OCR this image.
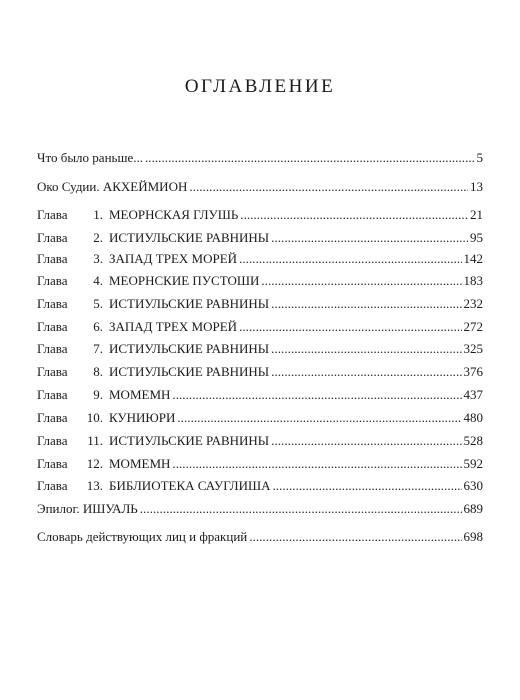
ОГЛАВЛЕНИЕ
Что было раньше... . . .	5
Око Судии. АКХЕЙМИОН . . .	13
Глава 1. МЕОРНСКАЯ ГЛУШЬ . . .	21
Глава 2. ИСТИУЛЬСКИЕ РАВНИНЫ . . .	95
Глава 3. ЗАПАД ТРЕХ МОРЕЙ . . .	142
Глава 4. МЕОРНСКИЕ ПУСТОШИ . . .	183
Глава 5. ИСТИУЛЬСКИЕ РАВНИНЫ . . .	232
Глава 6. ЗАПАД ТРЕХ МОРЕЙ . . .	272
Глава 7. ИСТИУЛЬСКИЕ РАВНИНЫ . . .	325
Глава 8. ИСТИУЛЬСКИЕ РАВНИНЫ . . .	376
Глава 9. МОМЕМН . . .	437
Глава 10. КУНИЮРИ . . .	480
Глава 11. ИСТИУЛЬСКИЕ РАВНИНЫ . . .	528
Глава 12. МОМЕМН . . .	592
Глава 13. БИБЛИОТЕКА САУГЛИША . . .	630
Эпилог. ИШУАЛЬ . . .	689
Словарь действующих лиц и фракций . . .	698
